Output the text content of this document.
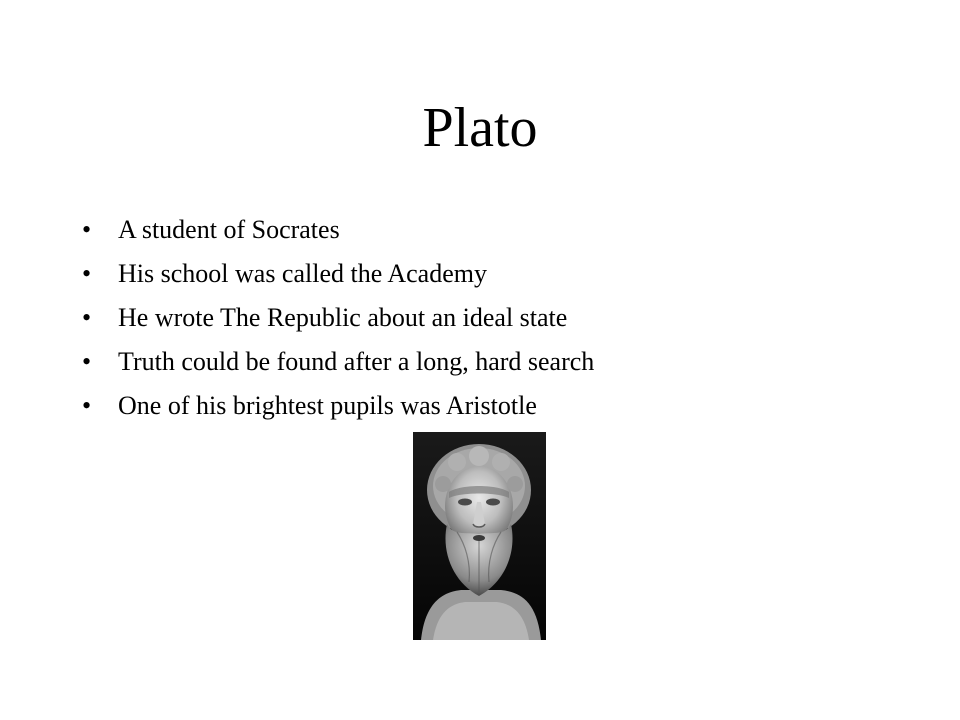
Plato
•	A student of Socrates
•	His school was called the Academy
•	He wrote The Republic about an ideal state
•	Truth could be found after a long, hard search
•	One of his brightest pupils was Aristotle
